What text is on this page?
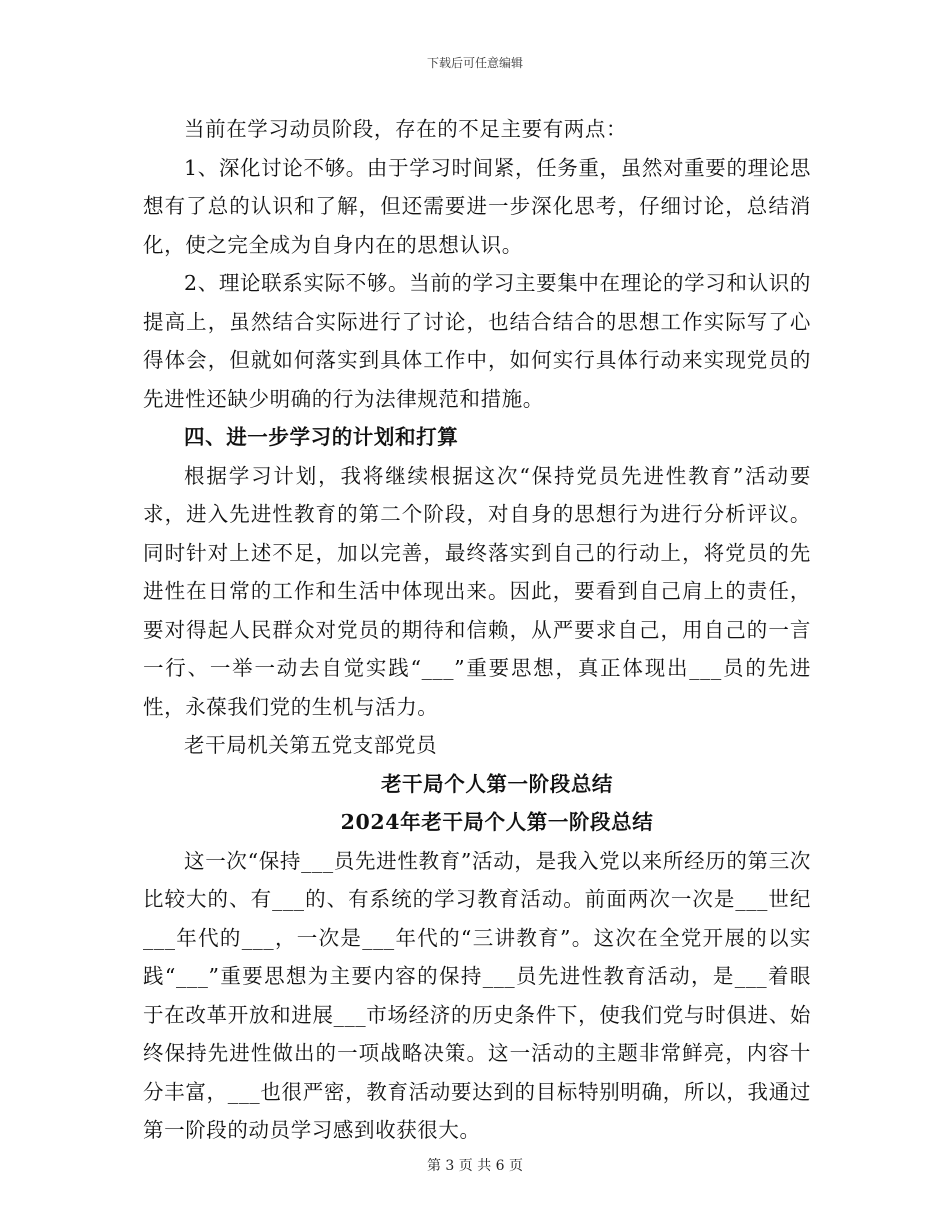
下载后可任意编辑

当前在学习动员阶段，存在的不足主要有两点：

1、深化讨论不够。由于学习时间紧，任务重，虽然对重要的理论思想有了总的认识和了解，但还需要进一步深化思考，仔细讨论，总结消化，使之完全成为自身内在的思想认识。

2、理论联系实际不够。当前的学习主要集中在理论的学习和认识的提高上，虽然结合实际进行了讨论，也结合结合的思想工作实际写了心得体会，但就如何落实到具体工作中，如何实行具体行动来实现党员的先进性还缺少明确的行为法律规范和措施。

四、进一步学习的计划和打算

根据学习计划，我将继续根据这次“保持党员先进性教育”活动要求，进入先进性教育的第二个阶段，对自身的思想行为进行分析评议。同时针对上述不足，加以完善，最终落实到自己的行动上，将党员的先进性在日常的工作和生活中体现出来。因此，要看到自己肩上的责任，要对得起人民群众对党员的期待和信赖，从严要求自己，用自己的一言一行、一举一动去自觉实践“___”重要思想，真正体现出___员的先进性，永葆我们党的生机与活力。

老干局机关第五党支部党员

老干局个人第一阶段总结

2024年老干局个人第一阶段总结

这一次“保持___员先进性教育”活动，是我入党以来所经历的第三次比较大的、有___的、有系统的学习教育活动。前面两次一次是___世纪___年代的___，一次是___年代的“三讲教育”。这次在全党开展的以实践“___”重要思想为主要内容的保持___员先进性教育活动，是___着眼于在改革开放和进展___市场经济的历史条件下，使我们党与时俱进、始终保持先进性做出的一项战略决策。这一活动的主题非常鲜亮，内容十分丰富，___也很严密，教育活动要达到的目标特别明确，所以，我通过第一阶段的动员学习感到收获很大。

第 3 页 共 6 页
